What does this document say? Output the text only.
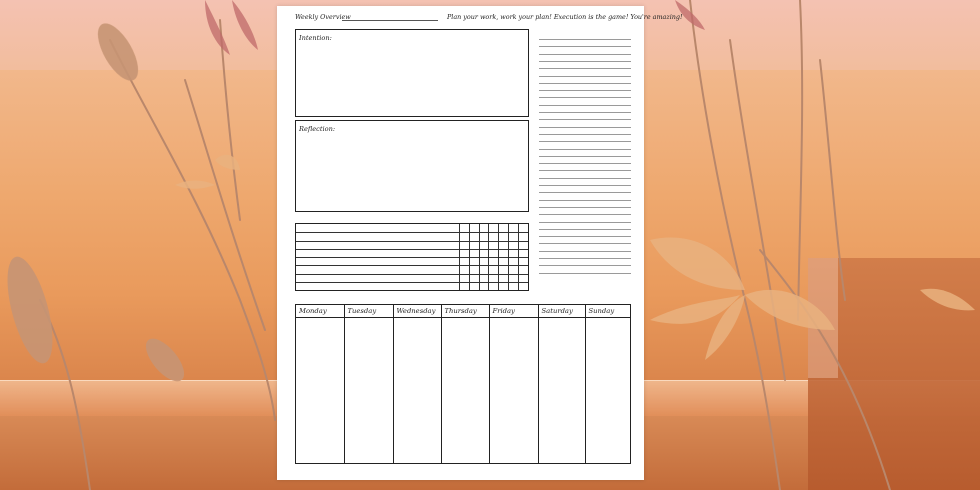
Weekly Overview	Plan your work, work your plan! Execution is the game! You're amazing!
Intention:
Reflection:
Monday	Tuesday	Wednesday Thursday Friday	Saturday Sunday
